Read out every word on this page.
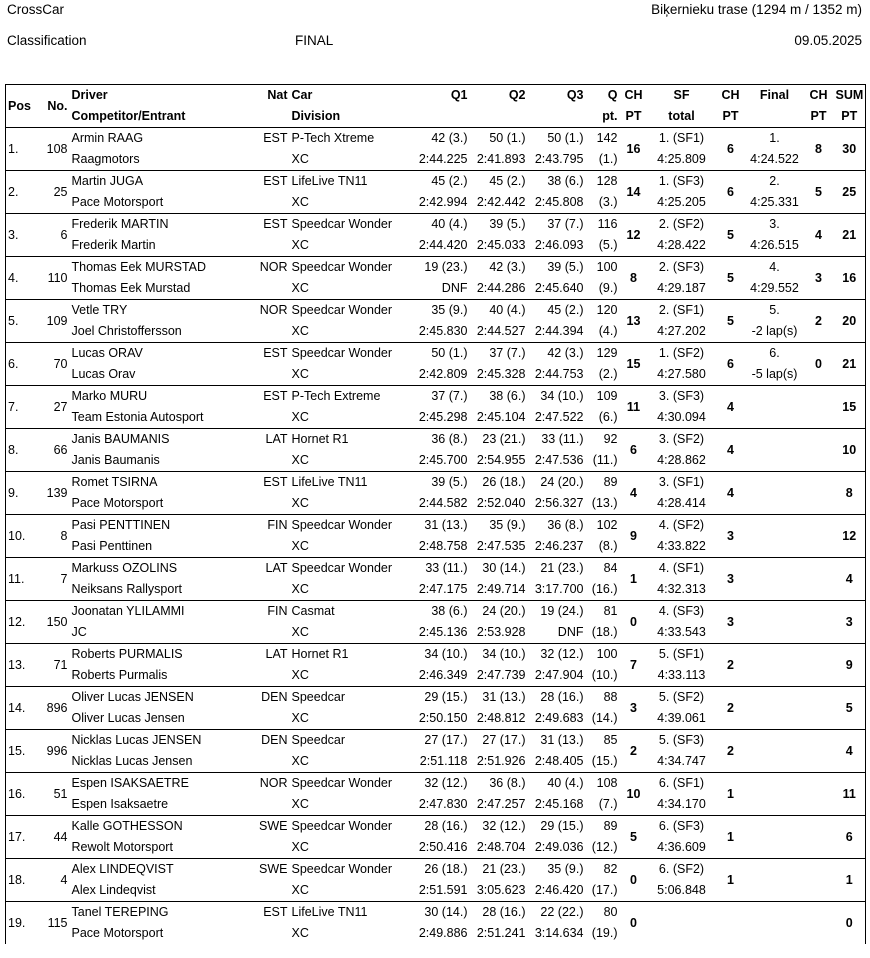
CrossCar	Biķernieku trase (1294 m / 1352 m)
Classification	FINAL	09.05.2025
Pos	No.	Driver	Nat	Car	Q1	Q2	Q3	Q	CH	SF	CH	Final	CH	SUM
		Competitor/Entrant		Division				pt.	PT	total	PT		PT	PT
1.	108	Armin RAAG	EST	P-Tech Xtreme	42 (3.)	50 (1.)	50 (1.)	142	16	1. (SF1)	6	1.	8	30
		Raagmotors		XC	2:44.225	2:41.893	2:43.795	(1.)		4:25.809		4:24.522		
2.	25	Martin JUGA	EST	LifeLive TN11	45 (2.)	45 (2.)	38 (6.)	128	14	1. (SF3)	6	2.	5	25
		Pace Motorsport		XC	2:42.994	2:42.442	2:45.808	(3.)		4:25.205		4:25.331		
3.	6	Frederik MARTIN	EST	Speedcar Wonder	40 (4.)	39 (5.)	37 (7.)	116	12	2. (SF2)	5	3.	4	21
		Frederik Martin		XC	2:44.420	2:45.033	2:46.093	(5.)		4:28.422		4:26.515		
4.	110	Thomas Eek MURSTAD	NOR	Speedcar Wonder	19 (23.)	42 (3.)	39 (5.)	100	8	2. (SF3)	5	4.	3	16
		Thomas Eek Murstad		XC	DNF	2:44.286	2:45.640	(9.)		4:29.187		4:29.552		
5.	109	Vetle TRY	NOR	Speedcar Wonder	35 (9.)	40 (4.)	45 (2.)	120	13	2. (SF1)	5	5.	2	20
		Joel Christoffersson		XC	2:45.830	2:44.527	2:44.394	(4.)		4:27.202		-2 lap(s)		
6.	70	Lucas ORAV	EST	Speedcar Wonder	50 (1.)	37 (7.)	42 (3.)	129	15	1. (SF2)	6	6.	0	21
		Lucas Orav		XC	2:42.809	2:45.328	2:44.753	(2.)		4:27.580		-5 lap(s)		
7.	27	Marko MURU	EST	P-Tech Extreme	37 (7.)	38 (6.)	34 (10.)	109	11	3. (SF3)	4			15
		Team Estonia Autosport		XC	2:45.298	2:45.104	2:47.522	(6.)		4:30.094				
8.	66	Janis BAUMANIS	LAT	Hornet R1	36 (8.)	23 (21.)	33 (11.)	92	6	3. (SF2)	4			10
		Janis Baumanis		XC	2:45.700	2:54.955	2:47.536	(11.)		4:28.862				
9.	139	Romet TSIRNA	EST	LifeLive TN11	39 (5.)	26 (18.)	24 (20.)	89	4	3. (SF1)	4			8
		Pace Motorsport		XC	2:44.582	2:52.040	2:56.327	(13.)		4:28.414				
10.	8	Pasi PENTTINEN	FIN	Speedcar Wonder	31 (13.)	35 (9.)	36 (8.)	102	9	4. (SF2)	3			12
		Pasi Penttinen		XC	2:48.758	2:47.535	2:46.237	(8.)		4:33.822				
11.	7	Markuss OZOLINS	LAT	Speedcar Wonder	33 (11.)	30 (14.)	21 (23.)	84	1	4. (SF1)	3			4
		Neiksans Rallysport		XC	2:47.175	2:49.714	3:17.700	(16.)		4:32.313				
12.	150	Joonatan YLILAMMI	FIN	Casmat	38 (6.)	24 (20.)	19 (24.)	81	0	4. (SF3)	3			3
		JC		XC	2:45.136	2:53.928	DNF	(18.)		4:33.543				
13.	71	Roberts PURMALIS	LAT	Hornet R1	34 (10.)	34 (10.)	32 (12.)	100	7	5. (SF1)	2			9
		Roberts Purmalis		XC	2:46.349	2:47.739	2:47.904	(10.)		4:33.113				
14.	896	Oliver Lucas JENSEN	DEN	Speedcar	29 (15.)	31 (13.)	28 (16.)	88	3	5. (SF2)	2			5
		Oliver Lucas Jensen		XC	2:50.150	2:48.812	2:49.683	(14.)		4:39.061				
15.	996	Nicklas Lucas JENSEN	DEN	Speedcar	27 (17.)	27 (17.)	31 (13.)	85	2	5. (SF3)	2			4
		Nicklas Lucas Jensen		XC	2:51.118	2:51.926	2:48.405	(15.)		4:34.747				
16.	51	Espen ISAKSAETRE	NOR	Speedcar Wonder	32 (12.)	36 (8.)	40 (4.)	108	10	6. (SF1)	1			11
		Espen Isaksaetre		XC	2:47.830	2:47.257	2:45.168	(7.)		4:34.170				
17.	44	Kalle GOTHESSON	SWE	Speedcar Wonder	28 (16.)	32 (12.)	29 (15.)	89	5	6. (SF3)	1			6
		Rewolt Motorsport		XC	2:50.416	2:48.704	2:49.036	(12.)		4:36.609				
18.	4	Alex LINDEQVIST	SWE	Speedcar Wonder	26 (18.)	21 (23.)	35 (9.)	82	0	6. (SF2)	1			1
		Alex Lindeqvist		XC	2:51.591	3:05.623	2:46.420	(17.)		5:06.848				
19.	115	Tanel TEREPING	EST	LifeLive TN11	30 (14.)	28 (16.)	22 (22.)	80	0					0
		Pace Motorsport		XC	2:49.886	2:51.241	3:14.634	(19.)						
